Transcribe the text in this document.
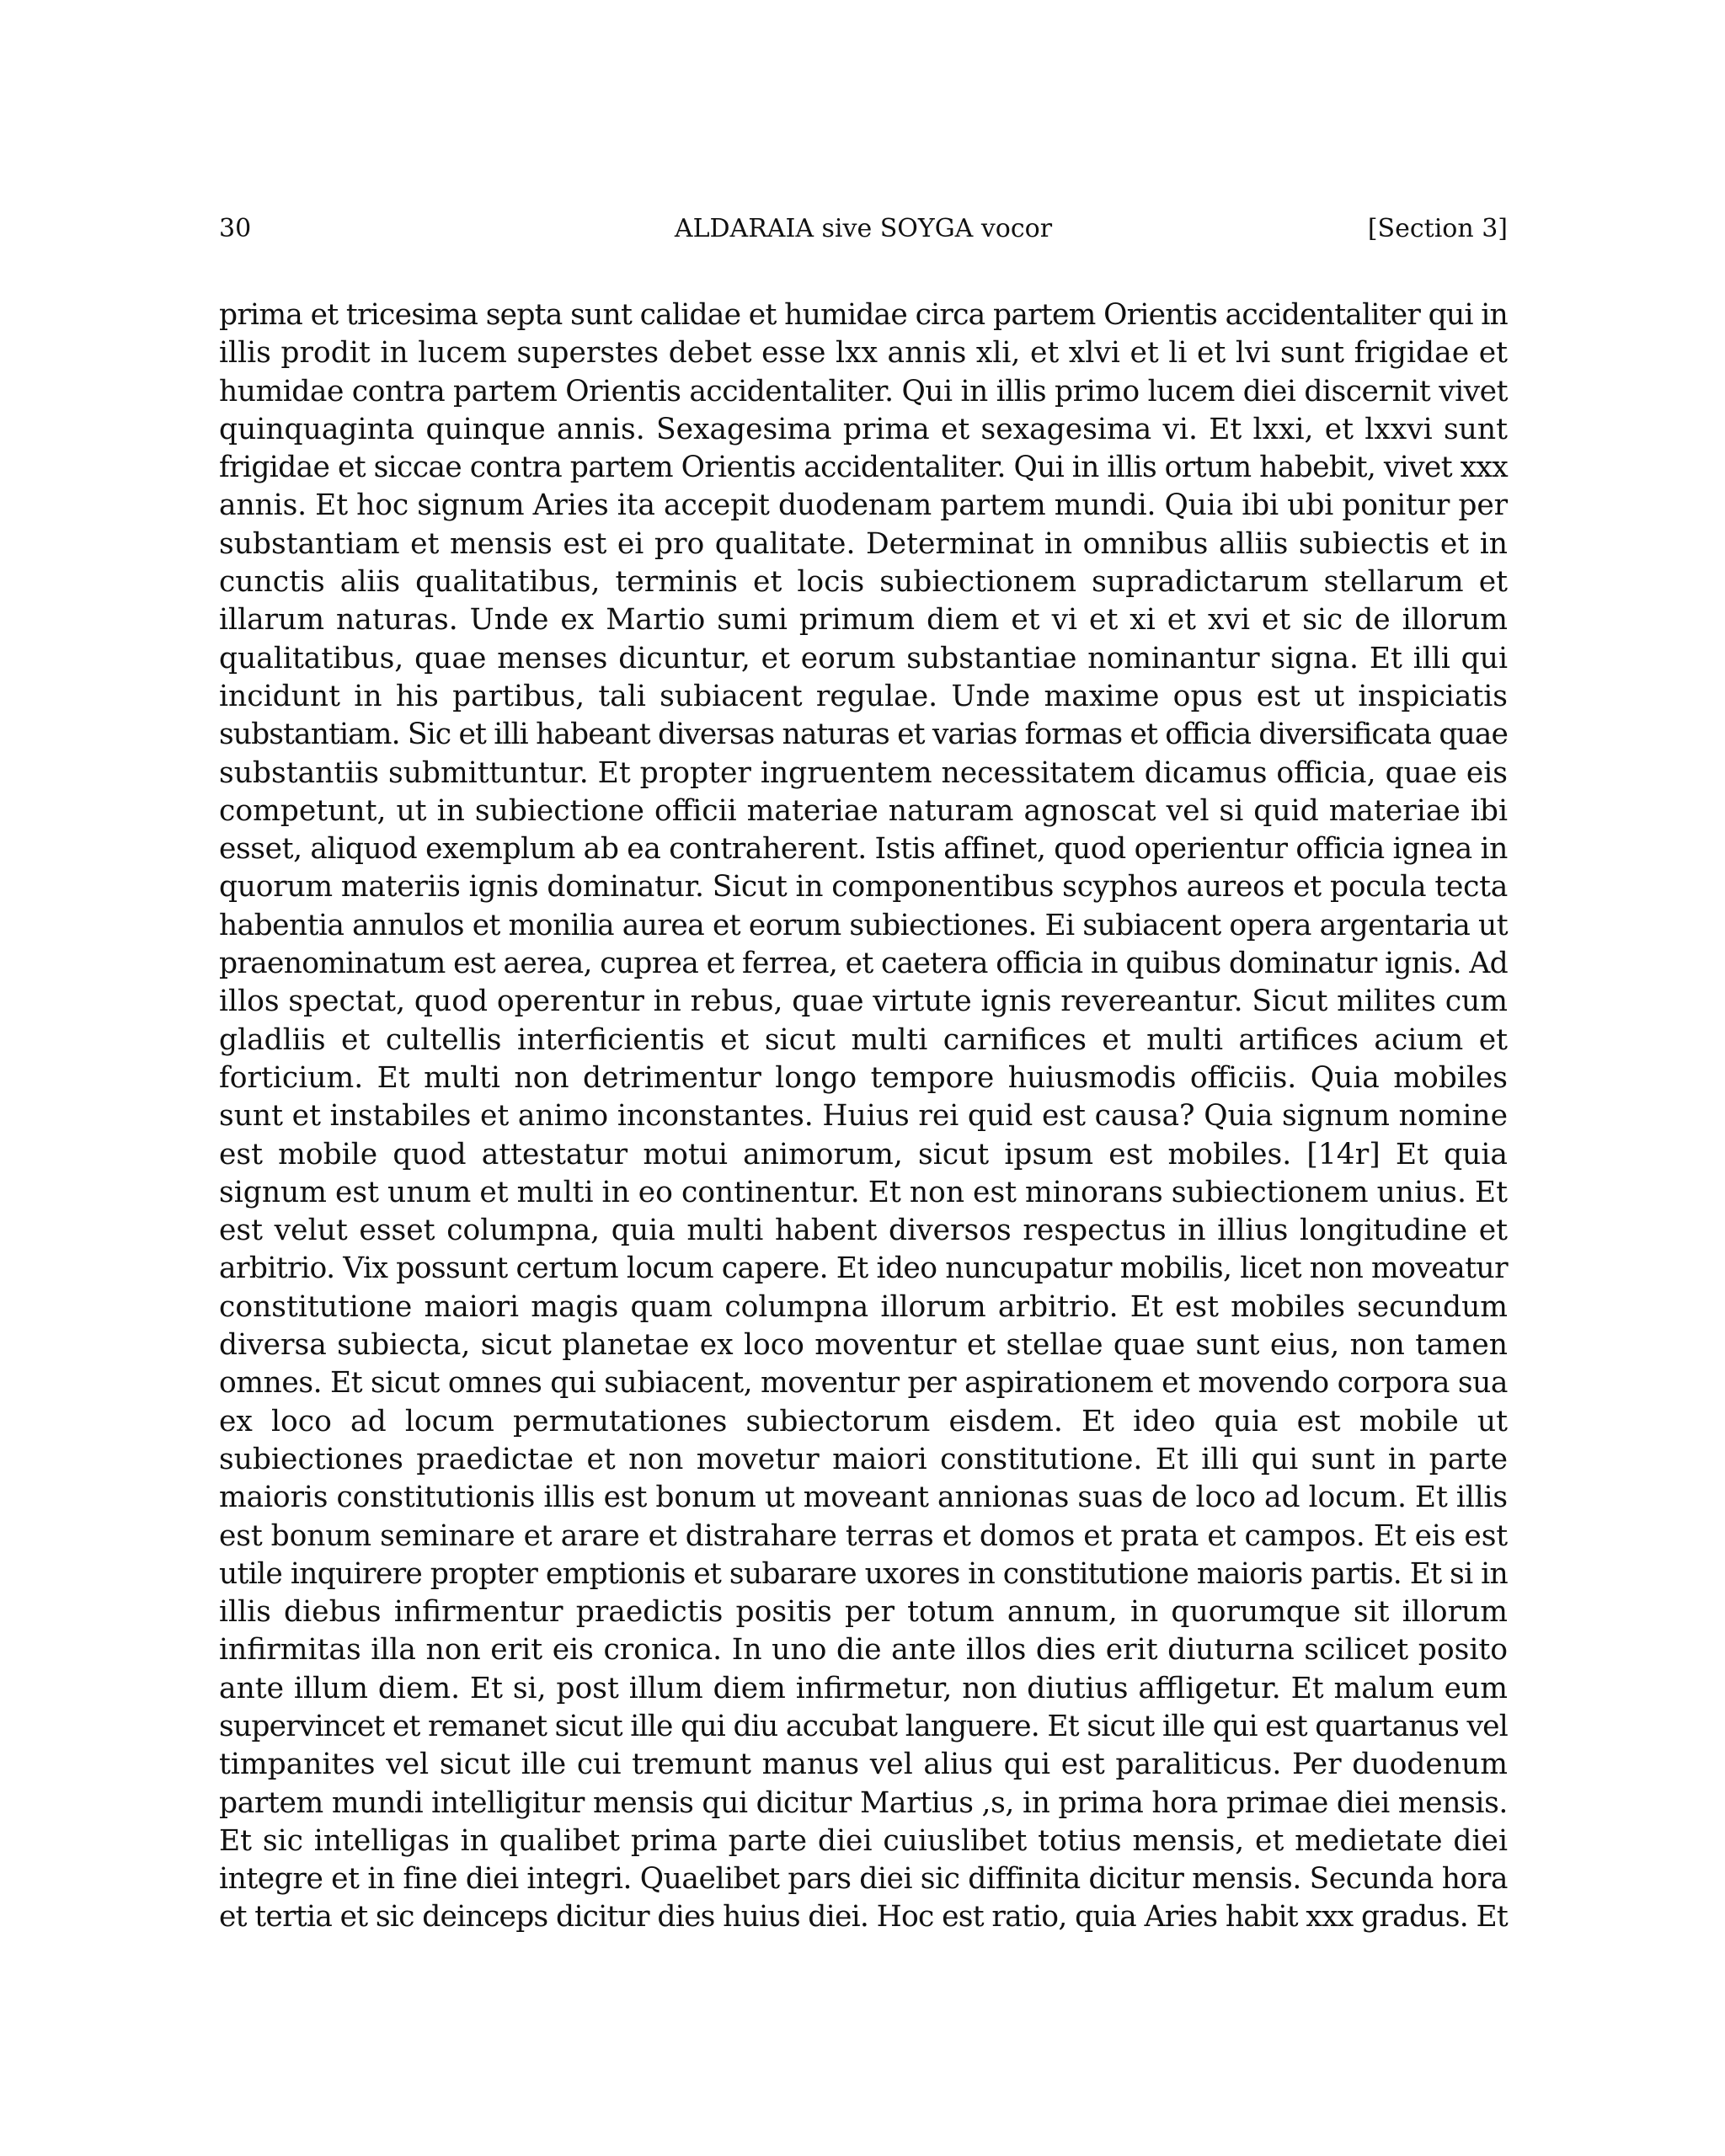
30	ALDARAIA sive SOYGA vocor	[Section 3]
prima et tricesima septa sunt calidae et humidae circa partem Orientis accidentaliter qui in
illis prodit in lucem superstes debet esse lxx annis xli, et xlvi et li et lvi sunt frigidae et
humidae contra partem Orientis accidentaliter. Qui in illis primo lucem diei discernit vivet
quinquaginta quinque annis. Sexagesima prima et sexagesima vi. Et lxxi, et lxxvi sunt
frigidae et siccae contra partem Orientis accidentaliter. Qui in illis ortum habebit, vivet xxx
annis. Et hoc signum Aries ita accepit duodenam partem mundi. Quia ibi ubi ponitur per
substantiam et mensis est ei pro qualitate. Determinat in omnibus alliis subiectis et in
cunctis aliis qualitatibus, terminis et locis subiectionem supradictarum stellarum et
illarum naturas. Unde ex Martio sumi primum diem et vi et xi et xvi et sic de illorum
qualitatibus, quae menses dicuntur, et eorum substantiae nominantur signa. Et illi qui
incidunt in his partibus, tali subiacent regulae. Unde maxime opus est ut inspiciatis
substantiam. Sic et illi habeant diversas naturas et varias formas et officia diversificata quae
substantiis submittuntur. Et propter ingruentem necessitatem dicamus officia, quae eis
competunt, ut in subiectione officii materiae naturam agnoscat vel si quid materiae ibi
esset, aliquod exemplum ab ea contraherent. Istis affinet, quod operientur officia ignea in
quorum materiis ignis dominatur. Sicut in componentibus scyphos aureos et pocula tecta
habentia annulos et monilia aurea et eorum subiectiones. Ei subiacent opera argentaria ut
praenominatum est aerea, cuprea et ferrea, et caetera officia in quibus dominatur ignis. Ad
illos spectat, quod operentur in rebus, quae virtute ignis revereantur. Sicut milites cum
gladliis et cultellis interficientis et sicut multi carnifices et multi artifices acium et
forticium. Et multi non detrimentur longo tempore huiusmodis officiis. Quia mobiles
sunt et instabiles et animo inconstantes. Huius rei quid est causa? Quia signum nomine
est mobile quod attestatur motui animorum, sicut ipsum est mobiles. [14r] Et quia
signum est unum et multi in eo continentur. Et non est minorans subiectionem unius. Et
est velut esset columpna, quia multi habent diversos respectus in illius longitudine et
arbitrio. Vix possunt certum locum capere. Et ideo nuncupatur mobilis, licet non moveatur
constitutione maiori magis quam columpna illorum arbitrio. Et est mobiles secundum
diversa subiecta, sicut planetae ex loco moventur et stellae quae sunt eius, non tamen
omnes. Et sicut omnes qui subiacent, moventur per aspirationem et movendo corpora sua
ex loco ad locum permutationes subiectorum eisdem. Et ideo quia est mobile ut
subiectiones praedictae et non movetur maiori constitutione. Et illi qui sunt in parte
maioris constitutionis illis est bonum ut moveant annionas suas de loco ad locum. Et illis
est bonum seminare et arare et distrahare terras et domos et prata et campos. Et eis est
utile inquirere propter emptionis et subarare uxores in constitutione maioris partis. Et si in
illis diebus infirmentur praedictis positis per totum annum, in quorumque sit illorum
infirmitas illa non erit eis cronica. In uno die ante illos dies erit diuturna scilicet posito
ante illum diem. Et si, post illum diem infirmetur, non diutius affligetur. Et malum eum
supervincet et remanet sicut ille qui diu accubat languere. Et sicut ille qui est quartanus vel
timpanites vel sicut ille cui tremunt manus vel alius qui est paraliticus. Per duodenum
partem mundi intelligitur mensis qui dicitur Martius ,s, in prima hora primae diei mensis.
Et sic intelligas in qualibet prima parte diei cuiuslibet totius mensis, et medietate diei
integre et in fine diei integri. Quaelibet pars diei sic diffinita dicitur mensis. Secunda hora
et tertia et sic deinceps dicitur dies huius diei. Hoc est ratio, quia Aries habit xxx gradus. Et
